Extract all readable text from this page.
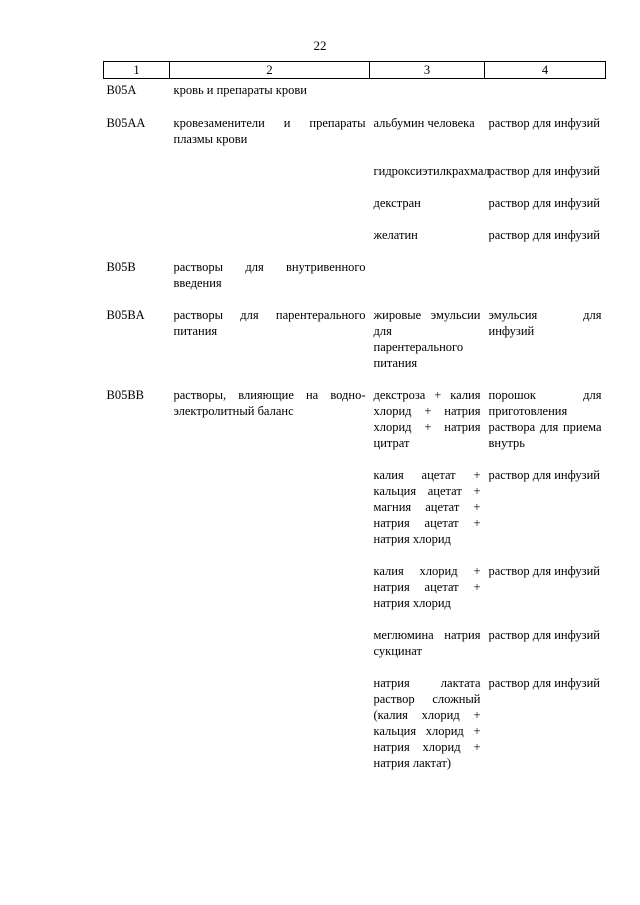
22
1	2	3	4
B05A	кровь и препараты крови		
B05AA	кровезаменители и препараты плазмы крови	альбумин человека	раствор для инфузий
		гидроксиэтилкрахмал	раствор для инфузий
		декстран	раствор для инфузий
		желатин	раствор для инфузий
B05B	растворы для внутривенного введения		
B05BA	растворы для парентерального питания	жировые эмульсии для парентерального питания	эмульсия для инфузий
B05BB	растворы, влияющие на водно-электролитный баланс	декстроза + калия хлорид + натрия хлорид + натрия цитрат	порошок для приготовления раствора для приема внутрь
		калия ацетат + кальция ацетат + магния ацетат + натрия ацетат + натрия хлорид	раствор для инфузий
		калия хлорид + натрия ацетат + натрия хлорид	раствор для инфузий
		меглюмина натрия сукцинат	раствор для инфузий
		натрия лактата раствор сложный (калия хлорид + кальция хлорид + натрия хлорид + натрия лактат)	раствор для инфузий
